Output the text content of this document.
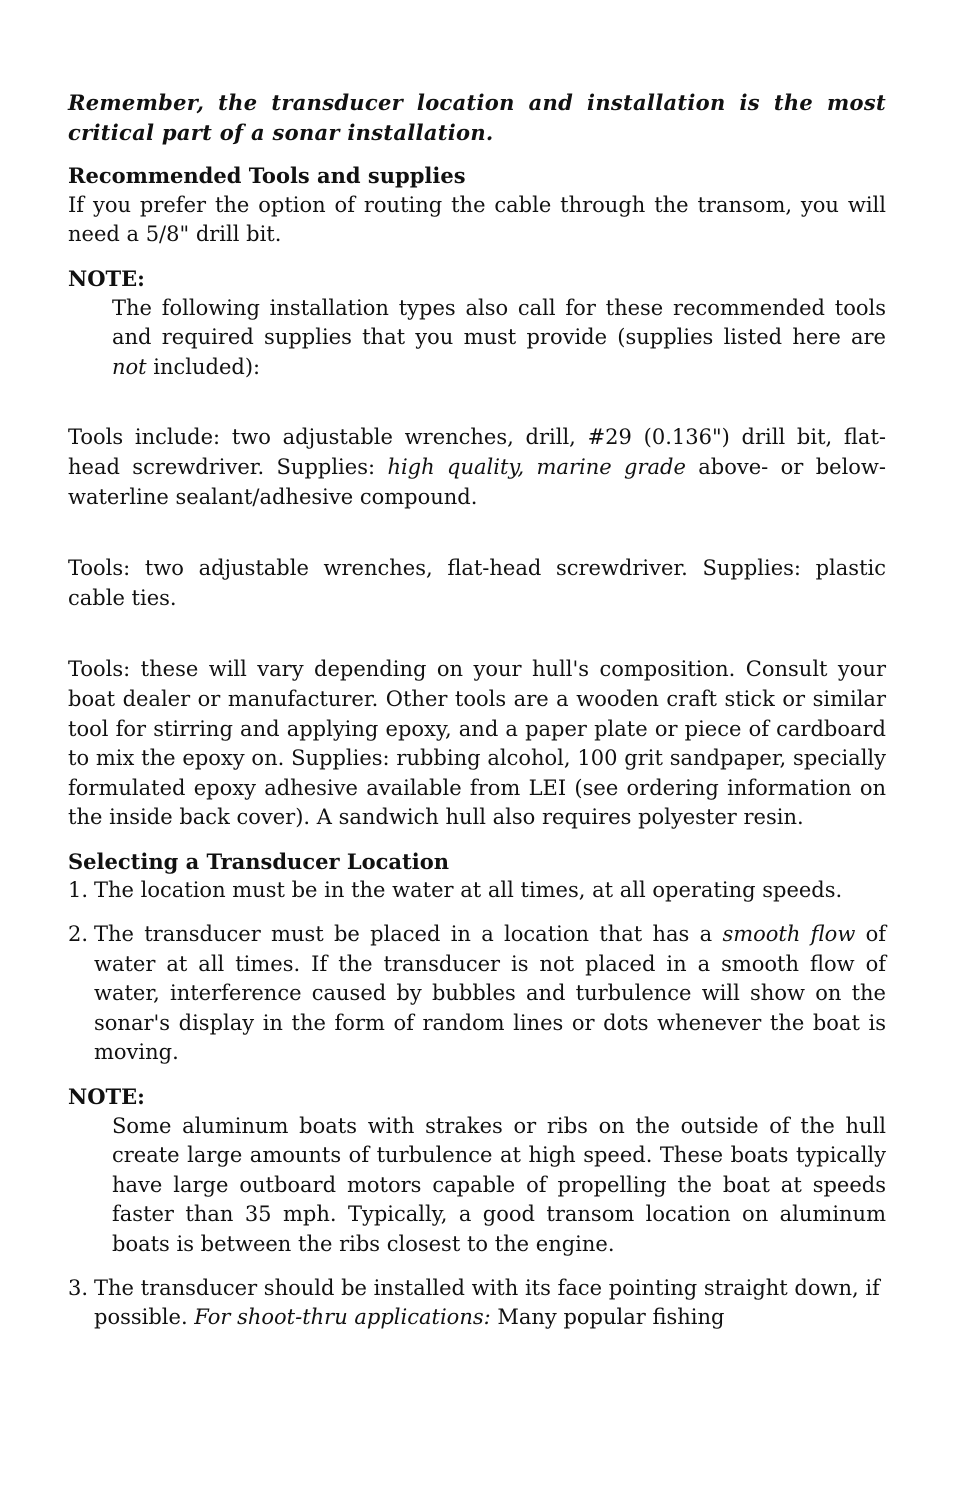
Remember, the transducer location and installation is the most critical part of a sonar installation.

Recommended Tools and supplies

If you prefer the option of routing the cable through the transom, you will need a 5/8" drill bit.

NOTE:

The following installation types also call for these recommended tools and required supplies that you must provide (supplies listed here are not included):

Tools include: two adjustable wrenches, drill, #29 (0.136") drill bit, flat-head screwdriver. Supplies: high quality, marine grade above- or below-waterline sealant/adhesive compound.

Tools: two adjustable wrenches, flat-head screwdriver. Supplies: plastic cable ties.

Tools: these will vary depending on your hull's composition. Consult your boat dealer or manufacturer. Other tools are a wooden craft stick or similar tool for stirring and applying epoxy, and a paper plate or piece of cardboard to mix the epoxy on. Supplies: rubbing alcohol, 100 grit sandpaper, specially formulated epoxy adhesive available from LEI (see ordering information on the inside back cover). A sandwich hull also requires polyester resin.

Selecting a Transducer Location
1. The location must be in the water at all times, at all operating speeds.
2. The transducer must be placed in a location that has a smooth flow of water at all times. If the transducer is not placed in a smooth flow of water, interference caused by bubbles and turbulence will show on the sonar's display in the form of random lines or dots whenever the boat is moving.
NOTE:

Some aluminum boats with strakes or ribs on the outside of the hull create large amounts of turbulence at high speed. These boats typically have large outboard motors capable of propelling the boat at speeds faster than 35 mph. Typically, a good transom location on aluminum boats is between the ribs closest to the engine.

3. The transducer should be installed with its face pointing straight down, if possible. For shoot-thru applications: Many popular fishing
